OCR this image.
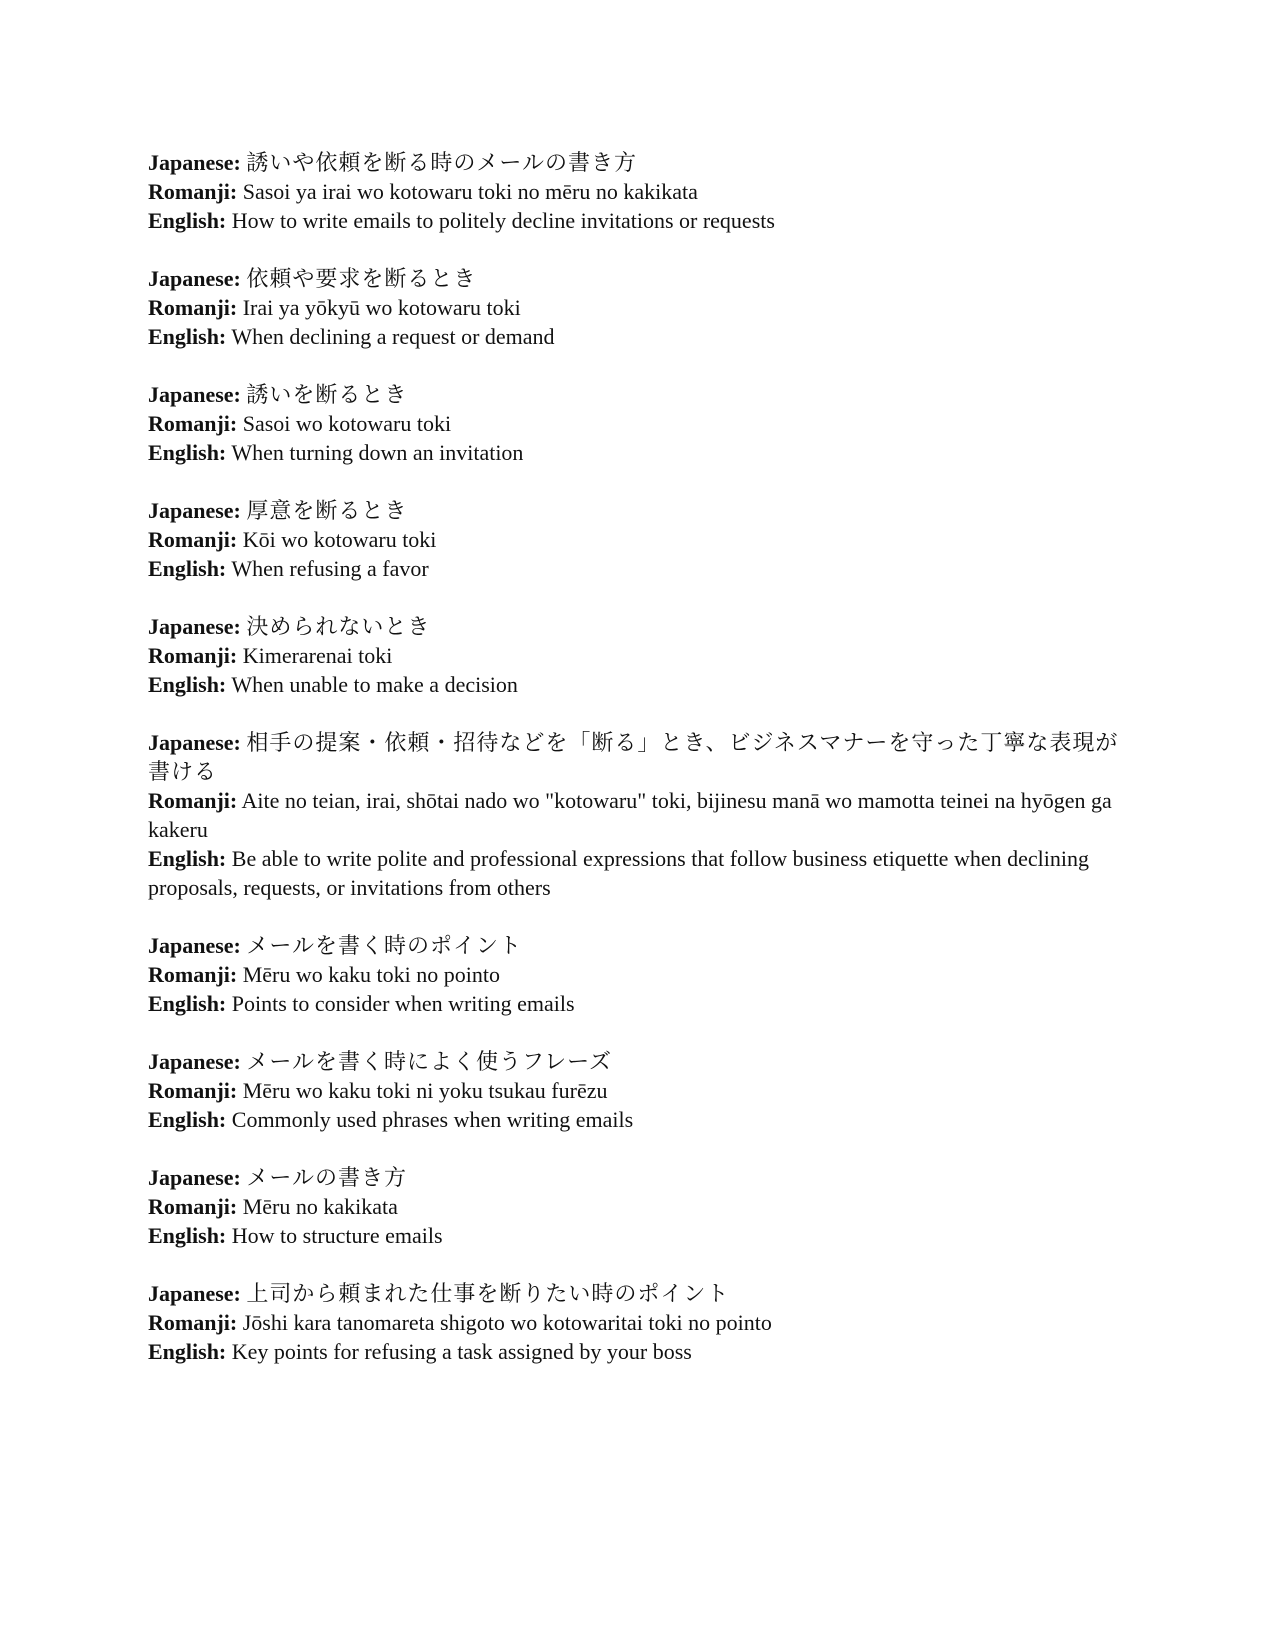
Japanese: 誘いや依頼を断る時のメールの書き方

Romanji: Sasoi ya irai wo kotowaru toki no mēru no kakikata

English: How to write emails to politely decline invitations or requests

Japanese: 依頼や要求を断るとき

Romanji: Irai ya yōkyū wo kotowaru toki

English: When declining a request or demand

Japanese: 誘いを断るとき

Romanji: Sasoi wo kotowaru toki

English: When turning down an invitation

Japanese: 厚意を断るとき

Romanji: Kōi wo kotowaru toki

English: When refusing a favor

Japanese: 決められないとき

Romanji: Kimerarenai toki

English: When unable to make a decision

Japanese: 相手の提案・依頼・招待などを「断る」とき、ビジネスマナーを守った丁寧な表現が書ける

Romanji: Aite no teian, irai, shōtai nado wo "kotowaru" toki, bijinesu manā wo mamotta teinei na hyōgen ga kakeru

English: Be able to write polite and professional expressions that follow business etiquette when declining proposals, requests, or invitations from others

Japanese: メールを書く時のポイント

Romanji: Mēru wo kaku toki no pointo

English: Points to consider when writing emails

Japanese: メールを書く時によく使うフレーズ

Romanji: Mēru wo kaku toki ni yoku tsukau furēzu

English: Commonly used phrases when writing emails

Japanese: メールの書き方

Romanji: Mēru no kakikata

English: How to structure emails

Japanese: 上司から頼まれた仕事を断りたい時のポイント

Romanji: Jōshi kara tanomareta shigoto wo kotowaritai toki no pointo

English: Key points for refusing a task assigned by your boss
